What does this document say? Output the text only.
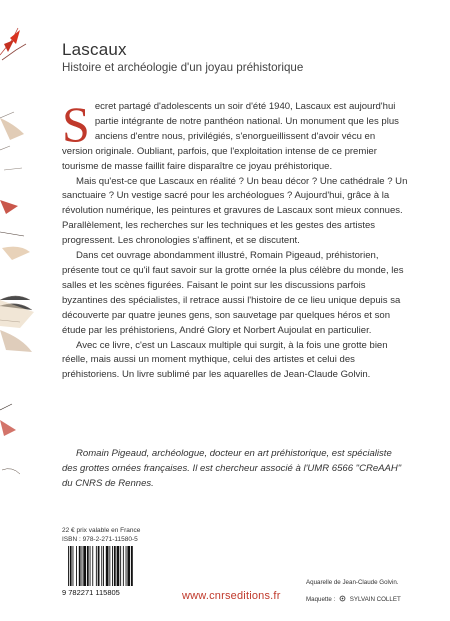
Lascaux
Histoire et archéologie d'un joyau préhistorique

Secret partagé d'adolescents un soir d'été 1940, Lascaux est aujourd'hui partie intégrante de notre panthéon national. Un monument que les plus anciens d'entre nous, privilégiés, s'enorgueillissent d'avoir vécu en version originale. Oubliant, parfois, que l'exploitation intense de ce premier tourisme de masse faillit faire disparaître ce joyau préhistorique.

Mais qu'est-ce que Lascaux en réalité ? Un beau décor ? Une cathédrale ? Un sanctuaire ? Un vestige sacré pour les archéologues ? Aujourd'hui, grâce à la révolution numérique, les peintures et gravures de Lascaux sont mieux connues. Parallèlement, les recherches sur les techniques et les gestes des artistes progressent. Les chronologies s'affinent, et se discutent.

Dans cet ouvrage abondamment illustré, Romain Pigeaud, préhistorien, présente tout ce qu'il faut savoir sur la grotte ornée la plus célèbre du monde, les salles et les scènes figurées. Faisant le point sur les discussions parfois byzantines des spécialistes, il retrace aussi l'histoire de ce lieu unique depuis sa découverte par quatre jeunes gens, son sauvetage par quelques héros et son étude par les préhistoriens, André Glory et Norbert Aujoulat en particulier.

Avec ce livre, c'est un Lascaux multiple qui surgit, à la fois une grotte bien réelle, mais aussi un moment mythique, celui des artistes et celui des préhistoriens. Un livre sublimé par les aquarelles de Jean-Claude Golvin.

Romain Pigeaud, archéologue, docteur en art préhistorique, est spécialiste des grottes ornées françaises. Il est chercheur associé à l'UMR 6566 "CReAAH" du CNRS de Rennes.
22 € prix valable en France
ISBN : 978-2-271-11580-5
9 782271 115805	www.cnrseditions.fr
Aquarelle de Jean-Claude Golvin.
Maquette : SYLVAIN COLLET
